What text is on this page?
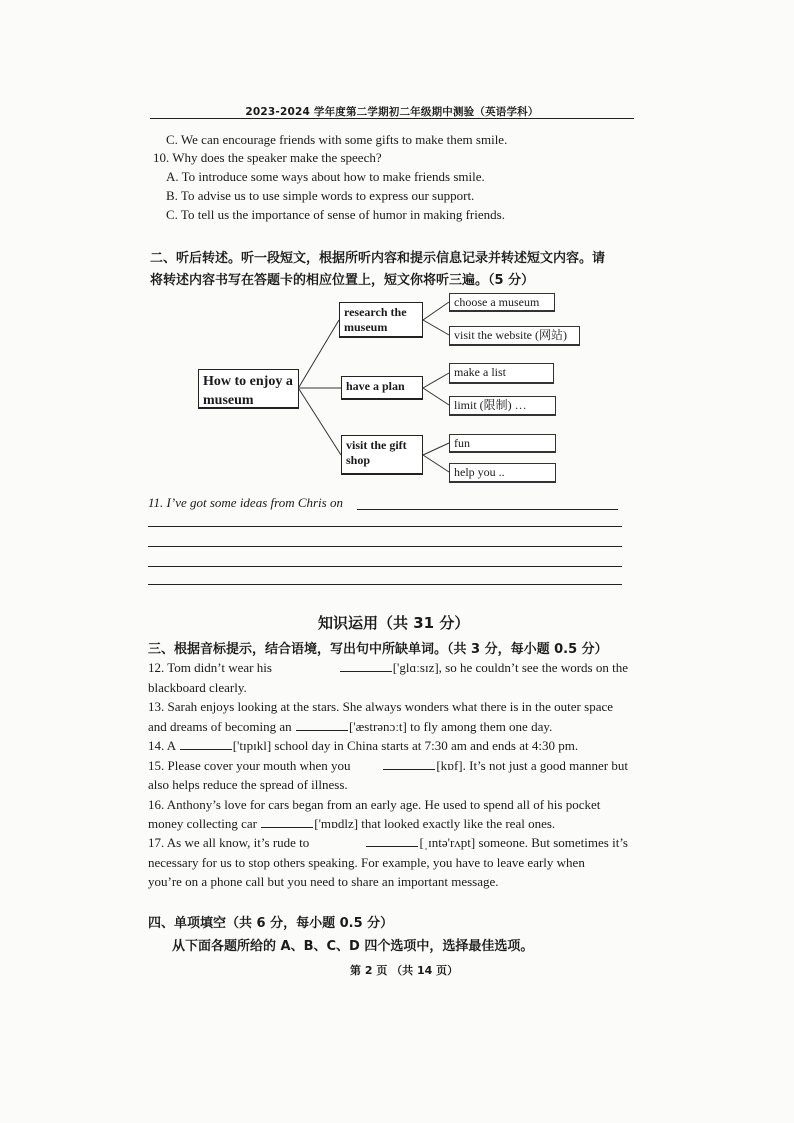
2023-2024 学年度第二学期初二年级期中测验（英语学科）
C. We can encourage friends with some gifts to make them smile.
10. Why does the speaker make the speech?
A. To introduce some ways about how to make friends smile.
B. To advise us to use simple words to express our support.
C. To tell us the importance of sense of humor in making friends.
二、听后转述。听一段短文，根据所听内容和提示信息记录并转述短文内容。请
将转述内容书写在答题卡的相应位置上，短文你将听三遍。（5 分）
How to enjoy a museum
research the museum
have a plan
visit the gift shop
choose a museum
visit the website (网站)
make a list
limit (限制) …
fun
help you ..
11. I’ve got some ideas from Chris on
知识运用（共 31 分）
三、根据音标提示，结合语境，写出句中所缺单词。（共 3 分，每小题 0.5 分）
12. Tom didn’t wear his	['glɑːsɪz], so he couldn’t see the words on the
blackboard clearly.
13. Sarah enjoys looking at the stars. She always wonders what there is in the outer space
and dreams of becoming an	['æstrənɔːt] to fly among them one day.
14. A	['tɪpɪkl] school day in China starts at 7:30 am and ends at 4:30 pm.
15. Please cover your mouth when you	[kɒf]. It’s not just a good manner but
also helps reduce the spread of illness.
16. Anthony’s love for cars began from an early age. He used to spend all of his pocket
money collecting car	['mɒdlz] that looked exactly like the real ones.
17. As we all know, it’s rude to	[ˌɪntə'rʌpt] someone. But sometimes it’s
necessary for us to stop others speaking. For example, you have to leave early when
you’re on a phone call but you need to share an important message.
四、单项填空（共 6 分，每小题 0.5 分）
从下面各题所给的 A、B、C、D 四个选项中，选择最佳选项。
第 2 页 （共 14 页）
